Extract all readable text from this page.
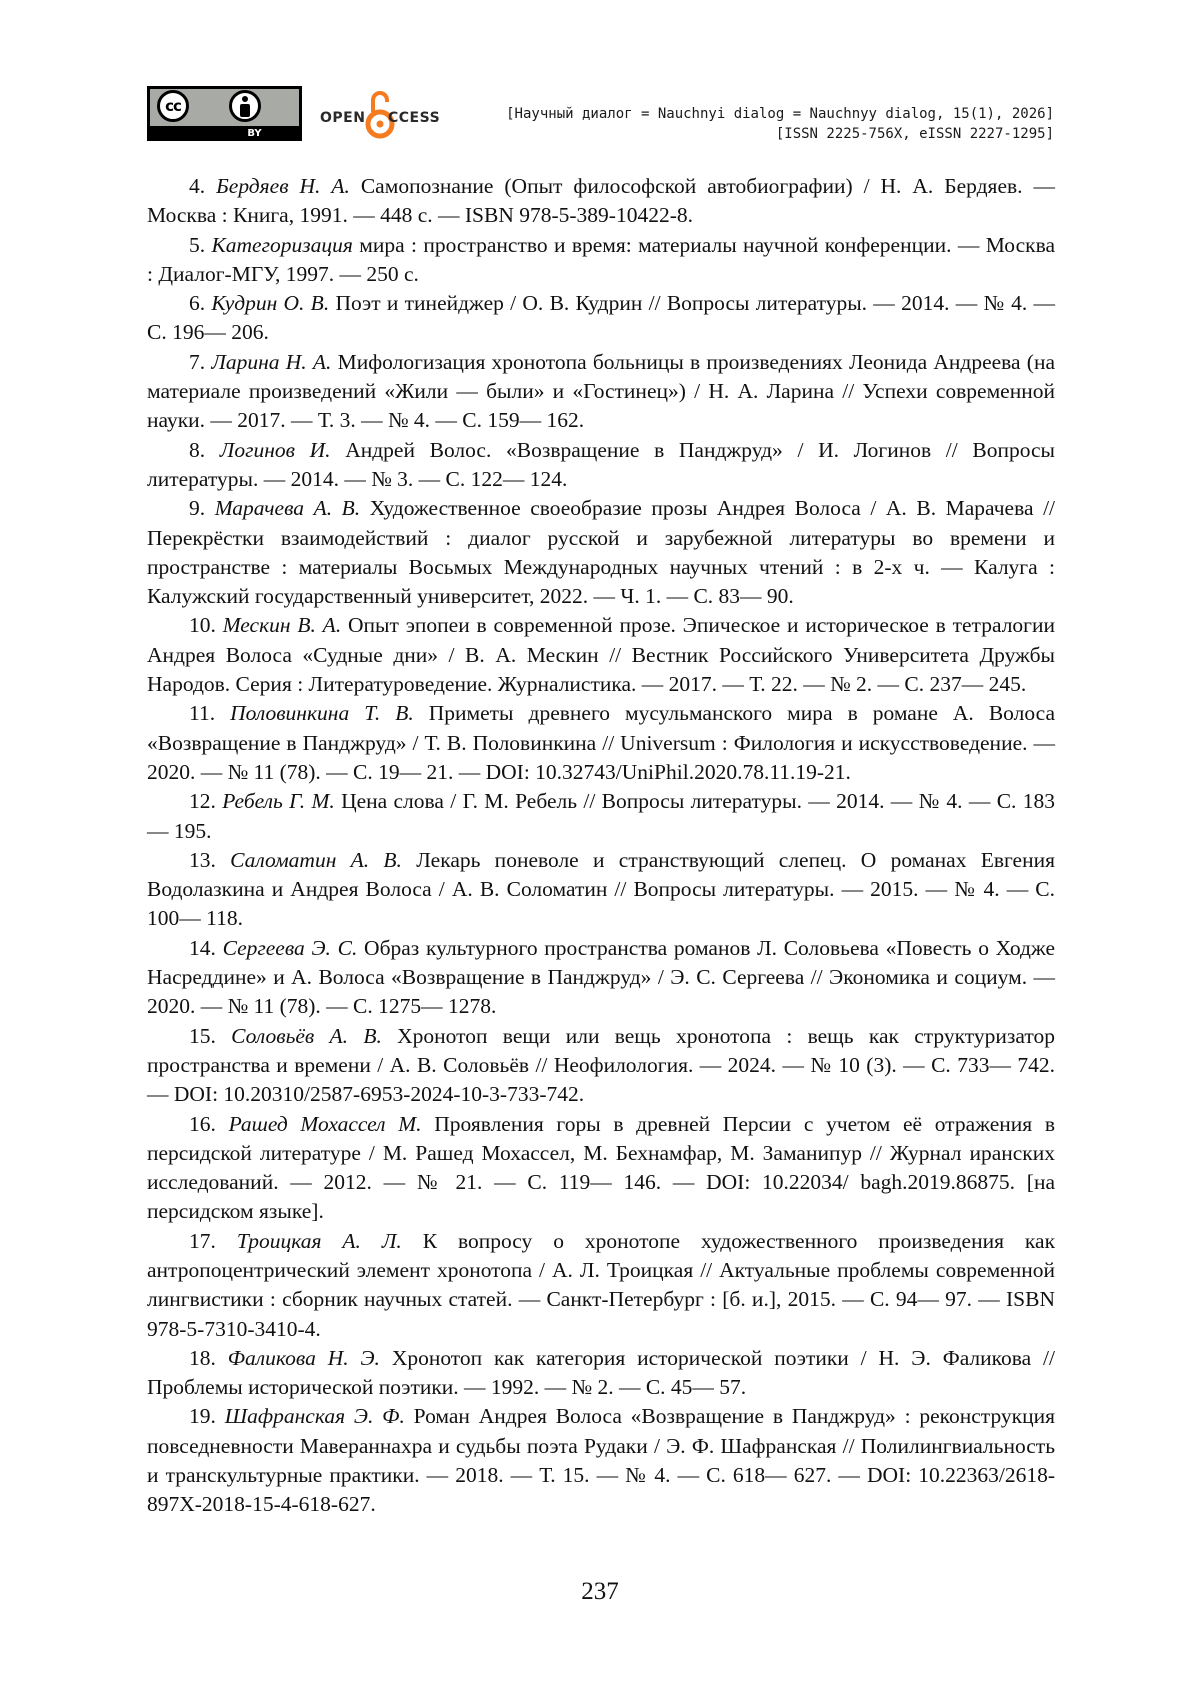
cc
BY
OPEN CCESS	[Научный диалог = Nauchnyi dialog = Nauchnyy dialog, 15(1), 2026]
[ISSN 2225-756X, eISSN 2227-1295]

4. Бердяев Н. А. Самопознание (Опыт философской автобиографии) / Н. А. Бердяев. — Москва : Книга, 1991. — 448 с. — ISBN 978-5-389-10422-8.

5. Категоризация мира : пространство и время: материалы научной конференции. — Москва : Диалог-МГУ, 1997. — 250 с.

6. Кудрин О. В. Поэт и тинейджер / О. В. Кудрин // Вопросы литературы. — 2014. — № 4. — С. 196— 206.

7. Ларина Н. А. Мифологизация хронотопа больницы в произведениях Леонида Андреева (на материале произведений «Жили — были» и «Гостинец») / Н. А. Ларина // Успехи современной науки. — 2017. — Т. 3. — № 4. — С. 159— 162.

8. Логинов И. Андрей Волос. «Возвращение в Панджруд» / И. Логинов // Вопросы литературы. — 2014. — № 3. — С. 122— 124.

9. Марачева А. В. Художественное своеобразие прозы Андрея Волоса / А. В. Марачева // Перекрёстки взаимодействий : диалог русской и зарубежной литературы во времени и пространстве : материалы Восьмых Международных научных чтений : в 2-х ч. — Калуга : Калужский государственный университет, 2022. — Ч. 1. — С. 83— 90.

10. Мескин В. А. Опыт эпопеи в современной прозе. Эпическое и историческое в тетралогии Андрея Волоса «Судные дни» / В. А. Мескин // Вестник Российского Университета Дружбы Народов. Серия : Литературоведение. Журналистика. — 2017. — Т. 22. — № 2. — С. 237— 245.

11. Половинкина Т. В. Приметы древнего мусульманского мира в романе А. Волоса «Возвращение в Панджруд» / Т. В. Половинкина // Universum : Филология и искусствоведение. — 2020. — № 11 (78). — С. 19— 21. — DOI: 10.32743/UniPhil.2020.78.11.19-21.

12. Ребель Г. М. Цена слова / Г. М. Ребель // Вопросы литературы. — 2014. — № 4. — С. 183— 195.

13. Саломатин А. В. Лекарь поневоле и странствующий слепец. О романах Евгения Водолазкина и Андрея Волоса / А. В. Соломатин // Вопросы литературы. — 2015. — № 4. — С. 100— 118.

14. Сергеева Э. С. Образ культурного пространства романов Л. Соловьева «Повесть о Ходже Насреддине» и А. Волоса «Возвращение в Панджруд» / Э. С. Сергеева // Экономика и социум. — 2020. — № 11 (78). — С. 1275— 1278.

15. Соловьёв А. В. Хронотоп вещи или вещь хронотопа : вещь как структуризатор пространства и времени / А. В. Соловьёв // Неофилология. — 2024. — № 10 (3). — С. 733— 742. — DOI: 10.20310/2587-6953-2024-10-3-733-742.

16. Рашед Мохассел М. Проявления горы в древней Персии с учетом её отражения в персидской литературе / М. Рашед Мохассел, М. Бехнамфар, М. Заманипур // Журнал иранских исследований. — 2012. — № 21. — С. 119— 146. — DOI: 10.22034/ bagh.2019.86875. [на персидском языке].

17. Троицкая А. Л. К вопросу о хронотопе художественного произведения как антропоцентрический элемент хронотопа / А. Л. Троицкая // Актуальные проблемы современной лингвистики : сборник научных статей. — Санкт-Петербург : [б. и.], 2015. — С. 94— 97. — ISBN 978-5-7310-3410-4.

18. Фаликова Н. Э. Хронотоп как категория исторической поэтики / Н. Э. Фаликова // Проблемы исторической поэтики. — 1992. — № 2. — С. 45— 57.

19. Шафранская Э. Ф. Роман Андрея Волоса «Возвращение в Панджруд» : реконструкция повседневности Мавераннахра и судьбы поэта Рудаки / Э. Ф. Шафранская // Полилингвиальность и транскультурные практики. — 2018. — Т. 15. — № 4. — С. 618— 627. — DOI: 10.22363/2618-897X-2018-15-4-618-627.

237
